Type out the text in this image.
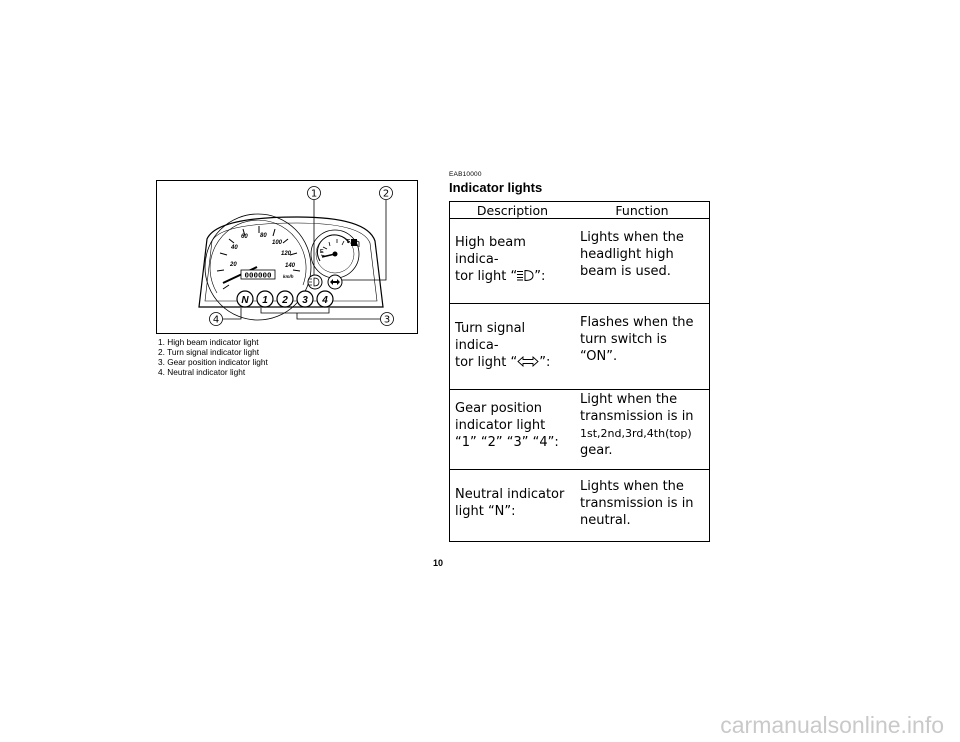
20
40
60 80
100
120
140
km/h
000000
E
F
N 1 2 3 4
1	2
3
4
1. High beam indicator light
2. Turn signal indicator light
3. Gear position indicator light
4. Neutral indicator light
EAB10000
Indicator lights
Description	Function
High beam indica-
tor light “ ”:	Lights when the
headlight high
beam is used.
Turn signal indica-
tor light “ ”:	Flashes when the
turn switch is
“ON”.
Gear position
indicator light
“1” “2” “3” “4”:	Light when the
transmission is in
1st,2nd,3rd,4th(top)
gear.
Neutral indicator
light “N”:	Lights when the
transmission is in
neutral.
10
carmanualsonline.info
